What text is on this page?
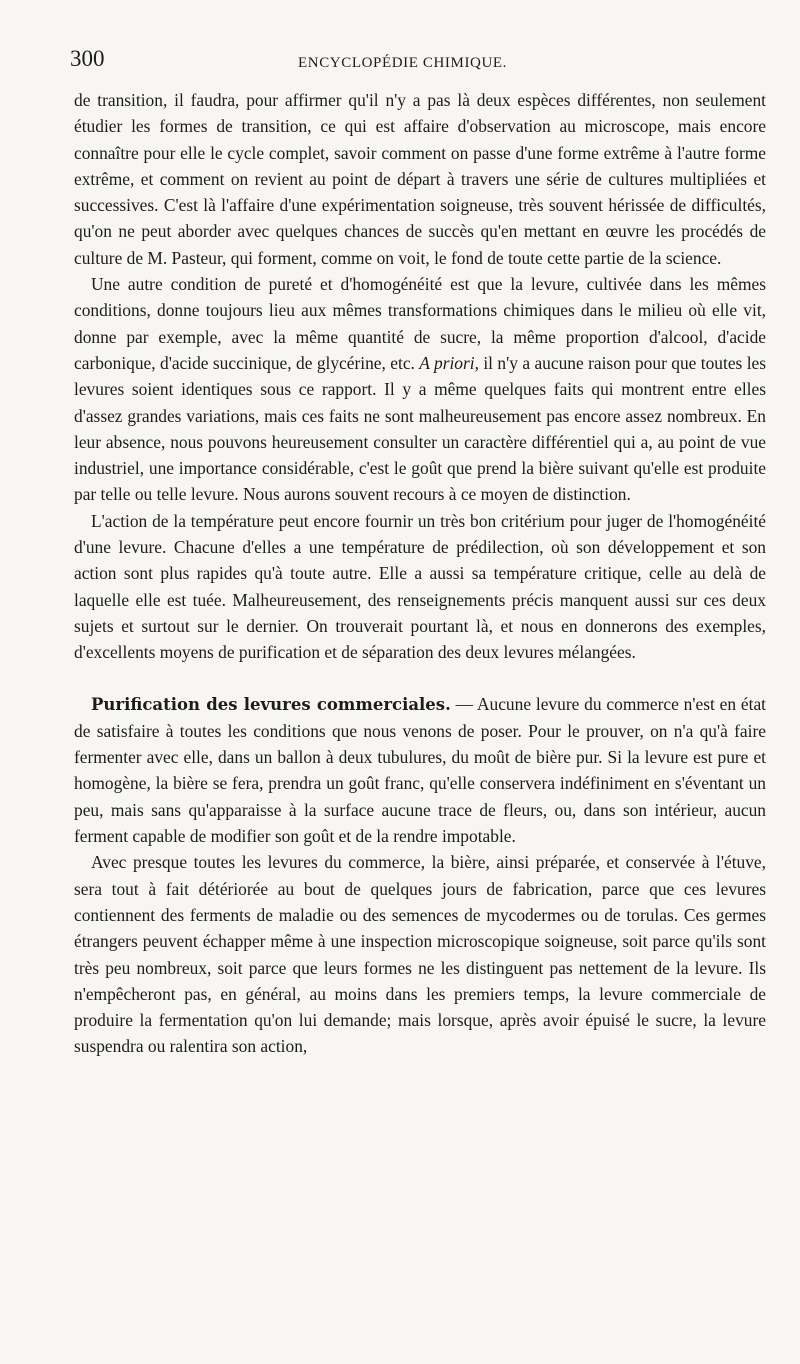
300	ENCYCLOPÉDIE CHIMIQUE.

de transition, il faudra, pour affirmer qu'il n'y a pas là deux espèces différentes, non seulement étudier les formes de transition, ce qui est affaire d'observation au microscope, mais encore connaître pour elle le cycle complet, savoir comment on passe d'une forme extrême à l'autre forme extrême, et comment on revient au point de départ à travers une série de cultures multipliées et successives. C'est là l'affaire d'une expérimentation soigneuse, très souvent hérissée de difficultés, qu'on ne peut aborder avec quelques chances de succès qu'en mettant en œuvre les procédés de culture de M. Pasteur, qui forment, comme on voit, le fond de toute cette partie de la science.

Une autre condition de pureté et d'homogénéité est que la levure, cultivée dans les mêmes conditions, donne toujours lieu aux mêmes transformations chimiques dans le milieu où elle vit, donne par exemple, avec la même quantité de sucre, la même proportion d'alcool, d'acide carbonique, d'acide succinique, de glycérine, etc. A priori, il n'y a aucune raison pour que toutes les levures soient identiques sous ce rapport. Il y a même quelques faits qui montrent entre elles d'assez grandes variations, mais ces faits ne sont malheureusement pas encore assez nombreux. En leur absence, nous pouvons heureusement consulter un caractère différentiel qui a, au point de vue industriel, une importance considérable, c'est le goût que prend la bière suivant qu'elle est produite par telle ou telle levure. Nous aurons souvent recours à ce moyen de distinction.

L'action de la température peut encore fournir un très bon critérium pour juger de l'homogénéité d'une levure. Chacune d'elles a une température de prédilection, où son développement et son action sont plus rapides qu'à toute autre. Elle a aussi sa température critique, celle au delà de laquelle elle est tuée. Malheureusement, des renseignements précis manquent aussi sur ces deux sujets et surtout sur le dernier. On trouverait pourtant là, et nous en donnerons des exemples, d'excellents moyens de purification et de séparation des deux levures mélangées.

Purification des levures commerciales. — Aucune levure du commerce n'est en état de satisfaire à toutes les conditions que nous venons de poser. Pour le prouver, on n'a qu'à faire fermenter avec elle, dans un ballon à deux tubulures, du moût de bière pur. Si la levure est pure et homogène, la bière se fera, prendra un goût franc, qu'elle conservera indéfiniment en s'éventant un peu, mais sans qu'apparaisse à la surface aucune trace de fleurs, ou, dans son intérieur, aucun ferment capable de modifier son goût et de la rendre impotable.

Avec presque toutes les levures du commerce, la bière, ainsi préparée, et conservée à l'étuve, sera tout à fait détériorée au bout de quelques jours de fabrication, parce que ces levures contiennent des ferments de maladie ou des semences de mycodermes ou de torulas. Ces germes étrangers peuvent échapper même à une inspection microscopique soigneuse, soit parce qu'ils sont très peu nombreux, soit parce que leurs formes ne les distinguent pas nettement de la levure. Ils n'empêcheront pas, en général, au moins dans les premiers temps, la levure commerciale de produire la fermentation qu'on lui demande; mais lorsque, après avoir épuisé le sucre, la levure suspendra ou ralentira son action,
